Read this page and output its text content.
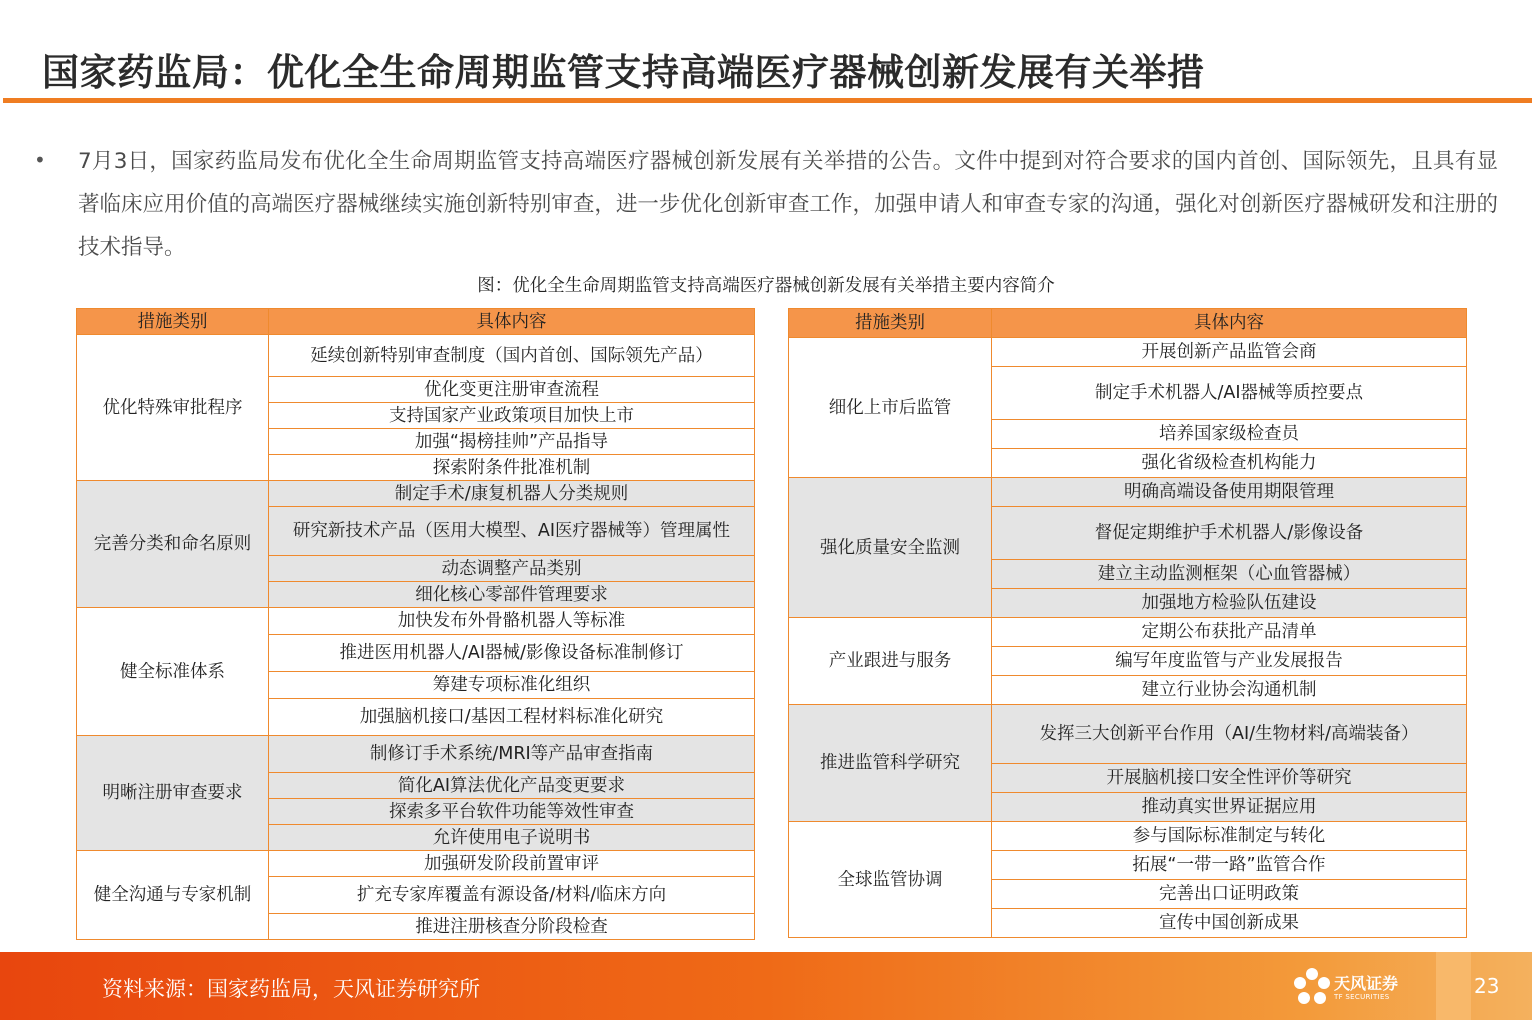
国家药监局：优化全生命周期监管支持高端医疗器械创新发展有关举措
• 7月3日，国家药监局发布优化全生命周期监管支持高端医疗器械创新发展有关举措的公告。文件中提到对符合要求的国内首创、国际领先，且具有显著临床应用价值的高端医疗器械继续实施创新特别审查，进一步优化创新审查工作，加强申请人和审查专家的沟通，强化对创新医疗器械研发和注册的技术指导。
图：优化全生命周期监管支持高端医疗器械创新发展有关举措主要内容简介
措施类别	具体内容
优化特殊审批程序	延续创新特别审查制度（国内首创、国际领先产品）
	优化变更注册审查流程
	支持国家产业政策项目加快上市
	加强“揭榜挂帅”产品指导
	探索附条件批准机制
完善分类和命名原则	制定手术/康复机器人分类规则
	研究新技术产品（医用大模型、AI医疗器械等）管理属性
	动态调整产品类别
	细化核心零部件管理要求
健全标准体系	加快发布外骨骼机器人等标准
	推进医用机器人/AI器械/影像设备标准制修订
	筹建专项标准化组织
	加强脑机接口/基因工程材料标准化研究
明晰注册审查要求	制修订手术系统/MRI等产品审查指南
	简化AI算法优化产品变更要求
	探索多平台软件功能等效性审查
	允许使用电子说明书
健全沟通与专家机制	加强研发阶段前置审评
	扩充专家库覆盖有源设备/材料/临床方向
	推进注册核查分阶段检查
措施类别	具体内容
细化上市后监管	开展创新产品监管会商
	制定手术机器人/AI器械等质控要点
	培养国家级检查员
	强化省级检查机构能力
强化质量安全监测	明确高端设备使用期限管理
	督促定期维护手术机器人/影像设备
	建立主动监测框架（心血管器械）
	加强地方检验队伍建设
产业跟进与服务	定期公布获批产品清单
	编写年度监管与产业发展报告
	建立行业协会沟通机制
推进监管科学研究	发挥三大创新平台作用（AI/生物材料/高端装备）
	开展脑机接口安全性评价等研究
	推动真实世界证据应用
全球监管协调	参与国际标准制定与转化
	拓展“一带一路”监管合作
	完善出口证明政策
	宣传中国创新成果
资料来源：国家药监局，天风证券研究所	天风证券
TF SECURITIES	23
